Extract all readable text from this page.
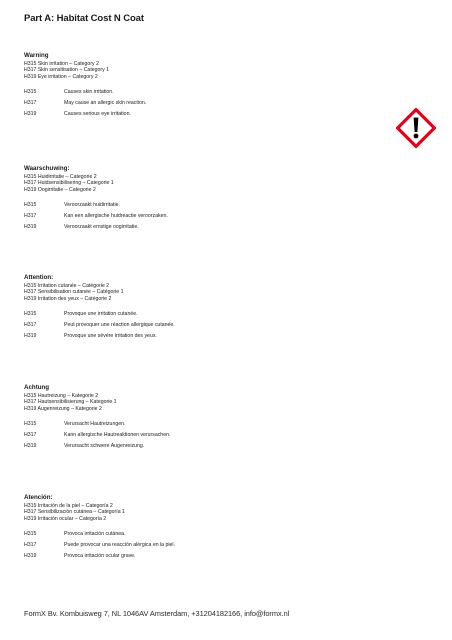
Part A: Habitat Cost N Coat
Warning
H315 Skin irritation – Category 2
H317 Skin sensitisation – Category 1
H319 Eye irritation – Category 2
H315	Causes skin irritation.
H317	May cause an allergic skin reaction.
H319	Causes serious eye irritation.
Waarschuwing:
H315 Huidirritatie – Categorie 2
H317 Huidsensibilisering – Categorie 1
H319 Oogirritatie – Categorie 2
H315	Veroorzaakt huidirritatie.
H317	Kan een allergische huidreactie veroorzaken.
H319	Veroorzaakt ernstige oogirritatie.
Attention:
H315 Irritation cutanée – Catégorie 2
H317 Sensibilisation cutanée – Catégorie 1
H319 Irritation des yeux – Catégorie 2
H315	Provoque une irritation cutanée.
H317	Peut provoquer une réaction allergique cutanée.
H319	Provoque une sévère irritation des yeux.
Achtung
H315 Hautreizung – Kategorie 2
H317 Hautsensibilisierung – Kategorie 1
H319 Augenreizung – Kategorie 2
H315	Verursacht Hautreizungen.
H317	Kann allergische Hautreaktionen verursachen.
H319	Verursacht schwere Augenreizung.
Atención:
H315 Irritación de la piel – Categoría 2
H317 Sensibilización cutánea – Categoría 1
H319 Irritación ocular – Categoría 2
H315	Provoca irritación cutánea.
H317	Puede provocar una reacción alérgica en la piel.
H319	Provoca irritación ocular grave.
FormX Bv. Kombuisweg 7, NL 1046AV Amsterdam, +31204182166, info@formx.nl
